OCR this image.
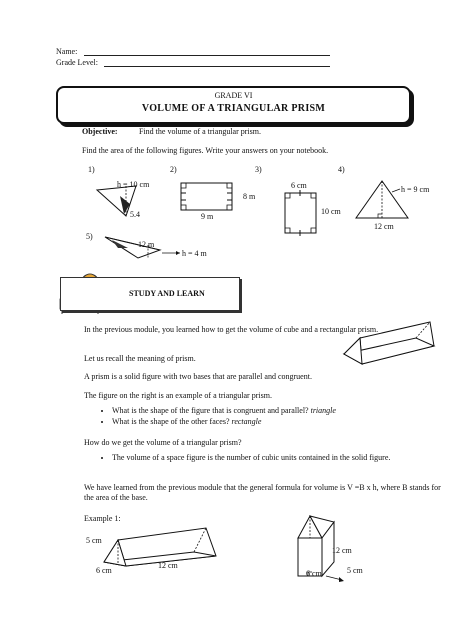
Name:
Grade Level:
GRADE VI
VOLUME OF A TRIANGULAR PRISM
Objective:	Find the volume of a triangular prism.
Find the area of the following figures. Write your answers on your notebook.
1)	2)	3)	4)
5)
h = 10 cm
5.4
8 m
9 m
6 cm
10 cm
h = 9 cm
12 cm
12 m
h = 4 m
STUDY AND LEARN
In the previous module, you learned how to get the volume of cube and a rectangular prism.
Let us recall the meaning of prism.
A prism is a solid figure with two bases that are parallel and congruent.
The figure on the right is an example of a triangular prism.
• What is the shape of the figure that is congruent and parallel? triangle
• What is the shape of the other faces? rectangle
How do we get the volume of a triangular prism?
• The volume of a space figure is the number of cubic units contained in the solid figure.
We have learned from the previous module that the general formula for volume is V =B x h, where B stands for the area of the base.
Example 1:
5 cm
6 cm
12 cm
12 cm
6 cm	5 cm
